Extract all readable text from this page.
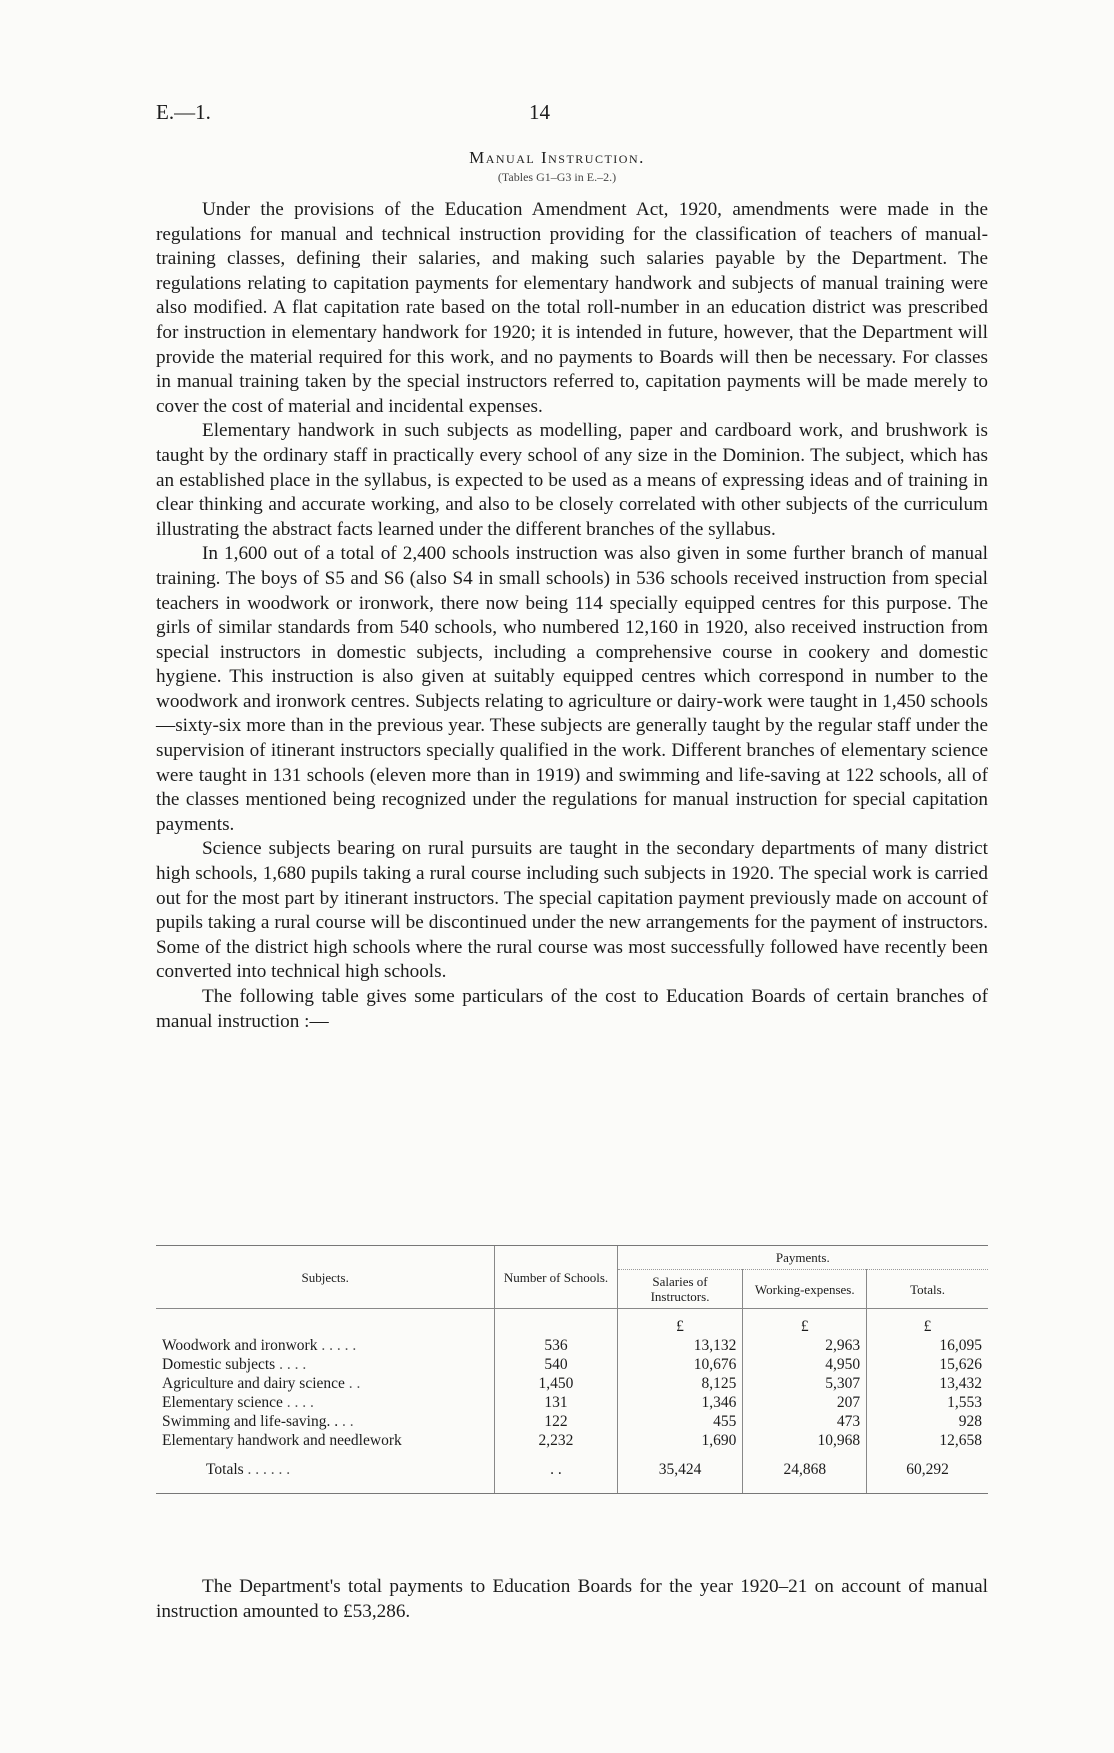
E.—1.	14
Manual Instruction.
(Tables G1–G3 in E.–2.)

Under the provisions of the Education Amendment Act, 1920, amendments were made in the regulations for manual and technical instruction providing for the classification of teachers of manual-training classes, defining their salaries, and making such salaries payable by the Department. The regulations relating to capitation payments for elementary handwork and subjects of manual training were also modified. A flat capitation rate based on the total roll-number in an education district was prescribed for instruction in elementary handwork for 1920; it is intended in future, however, that the Department will provide the material required for this work, and no payments to Boards will then be necessary. For classes in manual training taken by the special instructors referred to, capitation payments will be made merely to cover the cost of material and incidental expenses.

Elementary handwork in such subjects as modelling, paper and cardboard work, and brushwork is taught by the ordinary staff in practically every school of any size in the Dominion. The subject, which has an established place in the syllabus, is expected to be used as a means of expressing ideas and of training in clear thinking and accurate working, and also to be closely correlated with other subjects of the curriculum illustrating the abstract facts learned under the different branches of the syllabus.

In 1,600 out of a total of 2,400 schools instruction was also given in some further branch of manual training. The boys of S5 and S6 (also S4 in small schools) in 536 schools received instruction from special teachers in woodwork or ironwork, there now being 114 specially equipped centres for this purpose. The girls of similar standards from 540 schools, who numbered 12,160 in 1920, also received instruction from special instructors in domestic subjects, including a comprehensive course in cookery and domestic hygiene. This instruction is also given at suitably equipped centres which correspond in number to the woodwork and ironwork centres. Subjects relating to agriculture or dairy-work were taught in 1,450 schools—sixty-six more than in the previous year. These subjects are generally taught by the regular staff under the supervision of itinerant instructors specially qualified in the work. Different branches of elementary science were taught in 131 schools (eleven more than in 1919) and swimming and life-saving at 122 schools, all of the classes mentioned being recognized under the regulations for manual instruction for special capitation payments.

Science subjects bearing on rural pursuits are taught in the secondary departments of many district high schools, 1,680 pupils taking a rural course including such subjects in 1920. The special work is carried out for the most part by itinerant instructors. The special capitation payment previously made on account of pupils taking a rural course will be discontinued under the new arrangements for the payment of instructors. Some of the district high schools where the rural course was most successfully followed have recently been converted into technical high schools.

The following table gives some particulars of the cost to Education Boards of certain branches of manual instruction :—

Subjects.	Number of Schools.	Payments.		
		Salaries of Instructors.	Working-expenses.	Totals.

		£	£	£
Woodwork and ironwork . . . . .	536	13,132	2,963	16,095
Domestic subjects . . . .	540	10,676	4,950	15,626
Agriculture and dairy science . .	1,450	8,125	5,307	13,432
Elementary science . . . .	131	1,346	207	1,553
Swimming and life-saving. . . .	122	455	473	928
Elementary handwork and needlework	2,232	1,690	10,968	12,658
Totals . . . . . .	. .	35,424	24,868	60,292

The Department's total payments to Education Boards for the year 1920–21 on account of manual instruction amounted to £53,286.
